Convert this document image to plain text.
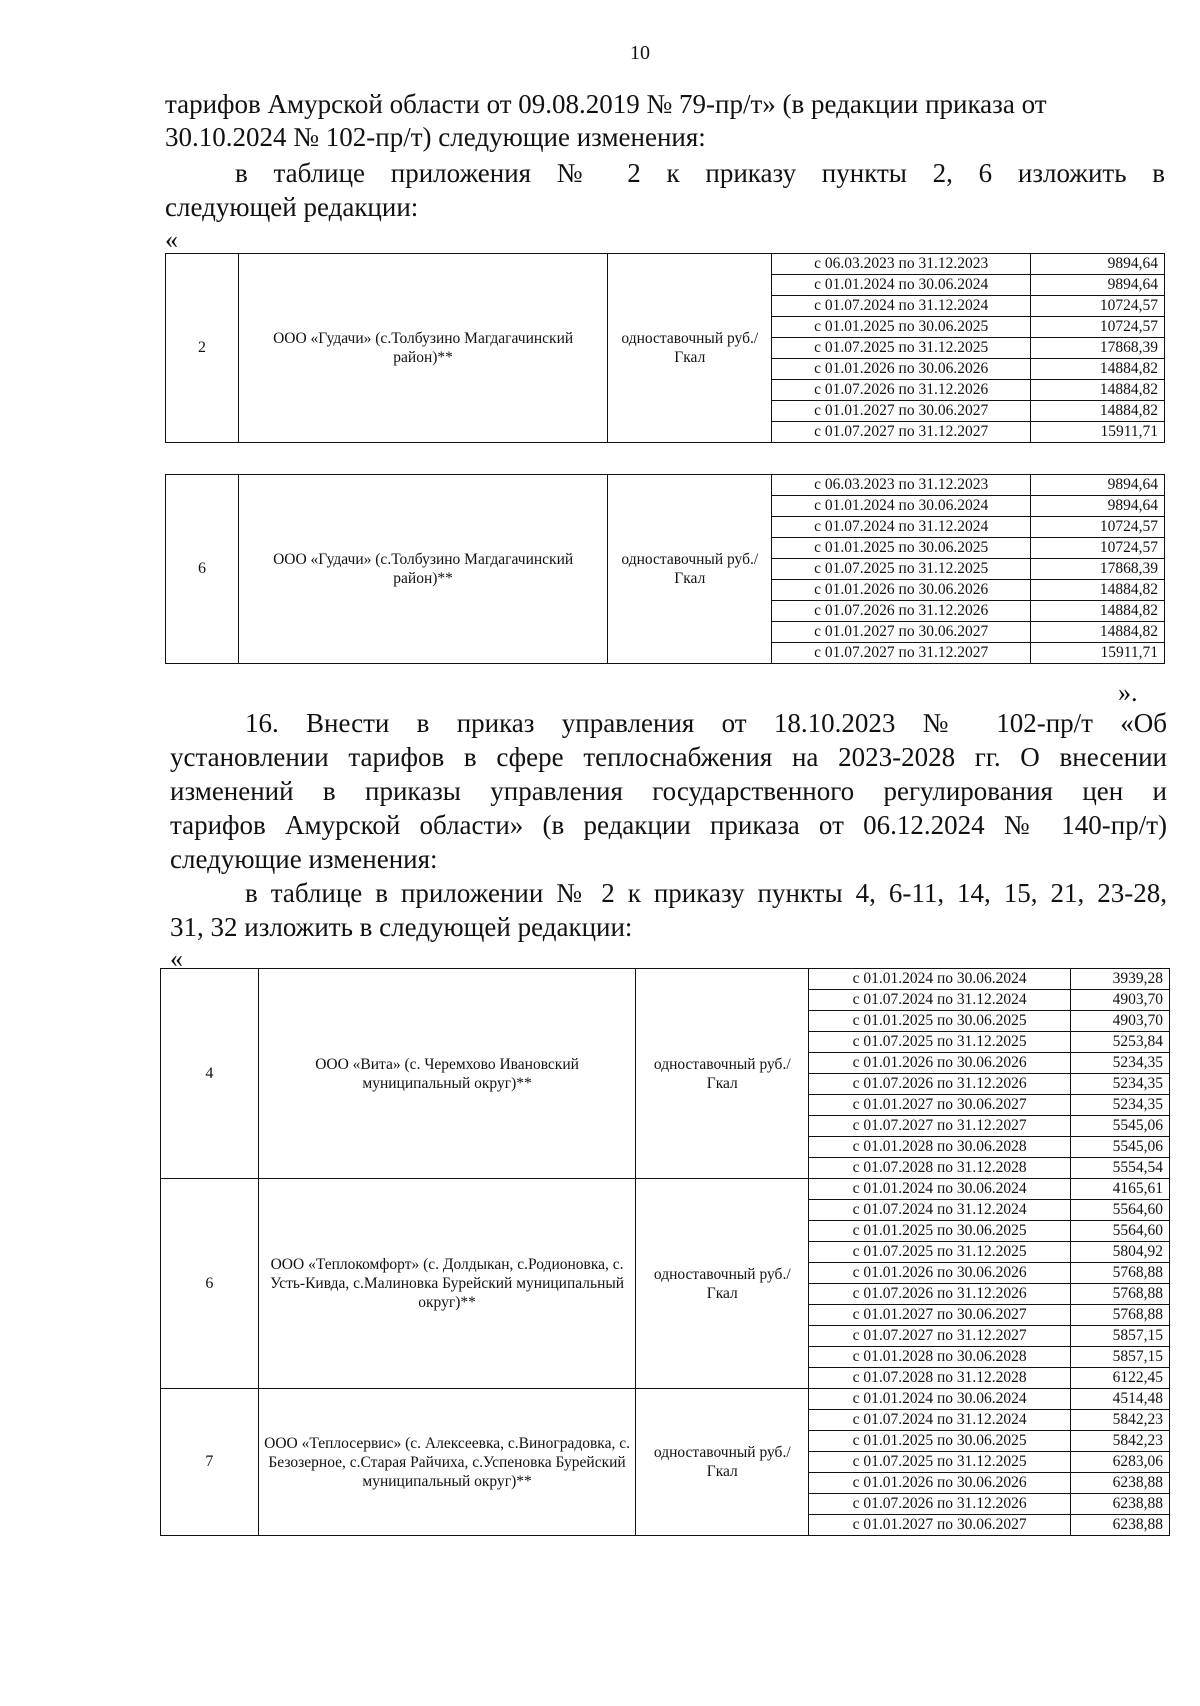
10
тарифов Амурской области от 09.08.2019 № 79-пр/т» (в редакции приказа от
30.10.2024 № 102-пр/т) следующие изменения:
в таблице приложения № 2 к приказу пункты 2, 6 изложить в
следующей редакции:
«
2	ООО «Гудачи» (с.Толбузино Магдагачинский район)**	одноставочный руб./Гкал	с 06.03.2023 по 31.12.2023	9894,64
			с 01.01.2024 по 30.06.2024	9894,64
			с 01.07.2024 по 31.12.2024	10724,57
			с 01.01.2025 по 30.06.2025	10724,57
			с 01.07.2025 по 31.12.2025	17868,39
			с 01.01.2026 по 30.06.2026	14884,82
			с 01.07.2026 по 31.12.2026	14884,82
			с 01.01.2027 по 30.06.2027	14884,82
			с 01.07.2027 по 31.12.2027	15911,71
6	ООО «Гудачи» (с.Толбузино Магдагачинский район)**	одноставочный руб./Гкал	с 06.03.2023 по 31.12.2023	9894,64
			с 01.01.2024 по 30.06.2024	9894,64
			с 01.07.2024 по 31.12.2024	10724,57
			с 01.01.2025 по 30.06.2025	10724,57
			с 01.07.2025 по 31.12.2025	17868,39
			с 01.01.2026 по 30.06.2026	14884,82
			с 01.07.2026 по 31.12.2026	14884,82
			с 01.01.2027 по 30.06.2027	14884,82
			с 01.07.2027 по 31.12.2027	15911,71
».
16. Внести в приказ управления от 18.10.2023 № 102-пр/т «Об
установлении тарифов в сфере теплоснабжения на 2023-2028 гг. О внесении
изменений в приказы управления государственного регулирования цен и
тарифов Амурской области» (в редакции приказа от 06.12.2024 № 140-пр/т)
следующие изменения:
в таблице в приложении № 2 к приказу пункты 4, 6-11, 14, 15, 21, 23-28,
31, 32 изложить в следующей редакции:
«
4	ООО «Вита» (с. Черемхово Ивановский муниципальный округ)**	одноставочный руб./Гкал	с 01.01.2024 по 30.06.2024	3939,28
			с 01.07.2024 по 31.12.2024	4903,70
			с 01.01.2025 по 30.06.2025	4903,70
			с 01.07.2025 по 31.12.2025	5253,84
			с 01.01.2026 по 30.06.2026	5234,35
			с 01.07.2026 по 31.12.2026	5234,35
			с 01.01.2027 по 30.06.2027	5234,35
			с 01.07.2027 по 31.12.2027	5545,06
			с 01.01.2028 по 30.06.2028	5545,06
			с 01.07.2028 по 31.12.2028	5554,54
6	ООО «Теплокомфорт» (с. Долдыкан, с.Родионовка, с. Усть-Кивда, с.Малиновка Бурейский муниципальный округ)**	одноставочный руб./Гкал	с 01.01.2024 по 30.06.2024	4165,61
			с 01.07.2024 по 31.12.2024	5564,60
			с 01.01.2025 по 30.06.2025	5564,60
			с 01.07.2025 по 31.12.2025	5804,92
			с 01.01.2026 по 30.06.2026	5768,88
			с 01.07.2026 по 31.12.2026	5768,88
			с 01.01.2027 по 30.06.2027	5768,88
			с 01.07.2027 по 31.12.2027	5857,15
			с 01.01.2028 по 30.06.2028	5857,15
			с 01.07.2028 по 31.12.2028	6122,45
7	ООО «Теплосервис» (с. Алексеевка, с.Виноградовка, с. Безозерное, с.Старая Райчиха, с.Успеновка Бурейский муниципальный округ)**	одноставочный руб./Гкал	с 01.01.2024 по 30.06.2024	4514,48
			с 01.07.2024 по 31.12.2024	5842,23
			с 01.01.2025 по 30.06.2025	5842,23
			с 01.07.2025 по 31.12.2025	6283,06
			с 01.01.2026 по 30.06.2026	6238,88
			с 01.07.2026 по 31.12.2026	6238,88
			с 01.01.2027 по 30.06.2027	6238,88
